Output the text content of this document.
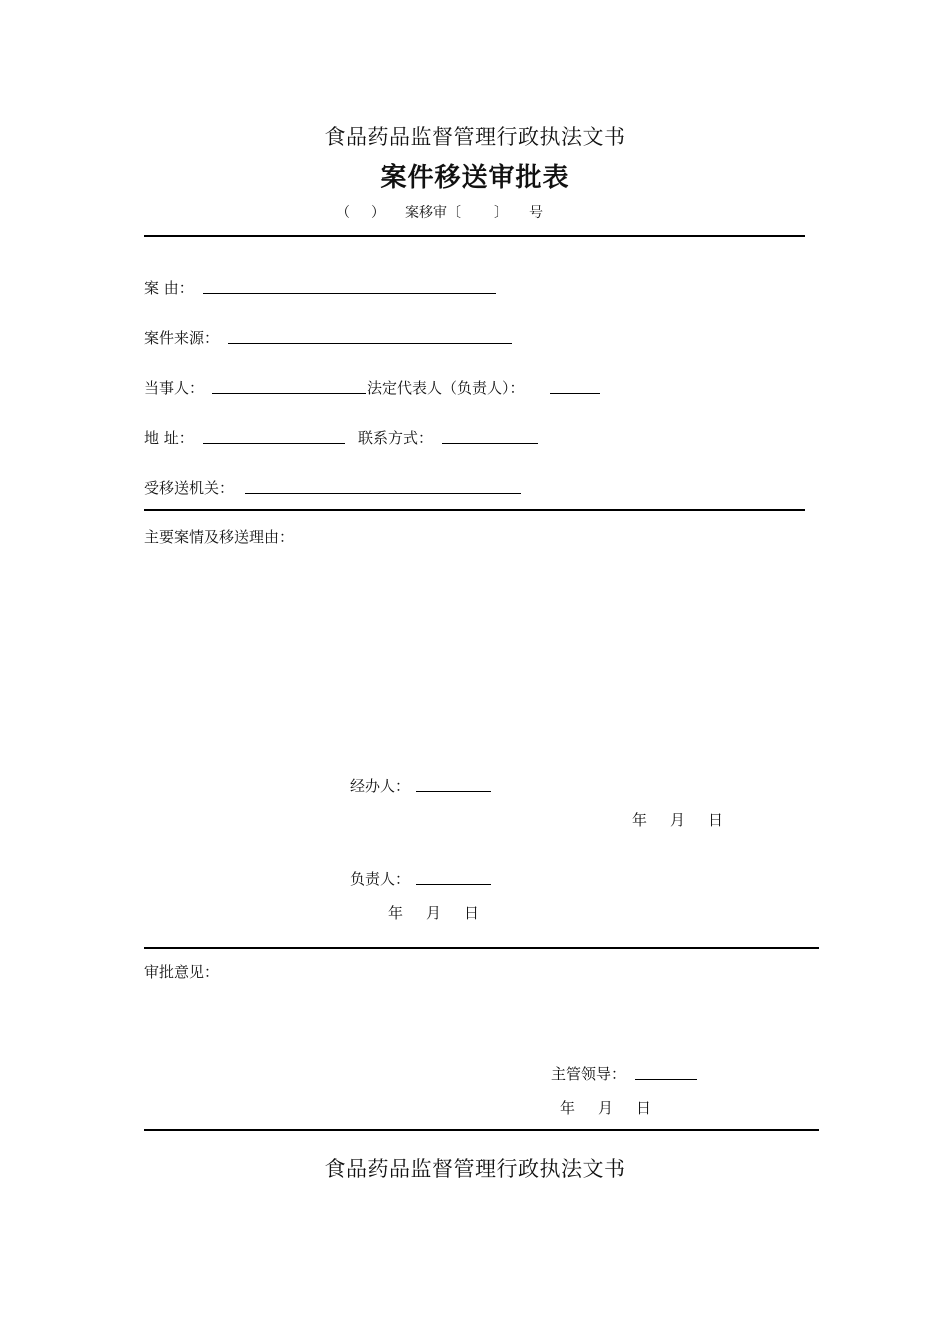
食品药品监督管理行政执法文书
案件移送审批表
（ ） 案移审〔 〕 号
案 由：
案件来源：
当事人：	法定代表人（负责人）：
地 址：	联系方式：
受移送机关：
主要案情及移送理由：
经办人：
年 月 日
负责人：
年 月 日
审批意见：
主管领导：
年 月 日
食品药品监督管理行政执法文书
